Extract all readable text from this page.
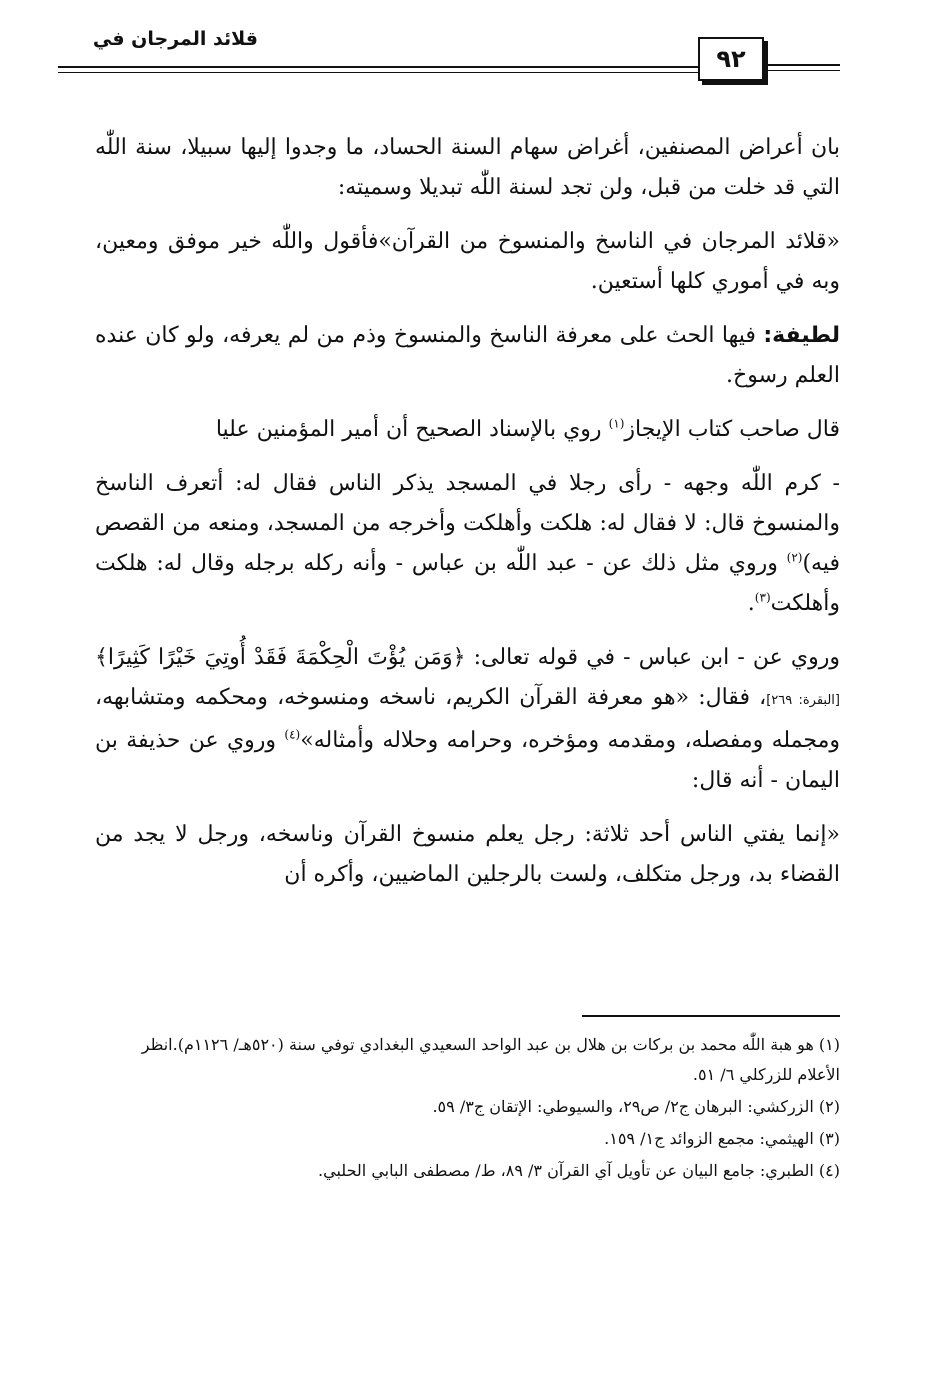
قلائد المرجان في
٩٢

بان أعراض المصنفين، أغراض سهام السنة الحساد، ما وجدوا إليها سبيلا، سنة اللّٰه التي قد خلت من قبل، ولن تجد لسنة اللّٰه تبديلا وسميته:

«قلائد المرجان في الناسخ والمنسوخ من القرآن»فأقول واللّٰه خير موفق ومعين، وبه في أموري كلها أستعين.

لطيفة: فيها الحث على معرفة الناسخ والمنسوخ وذم من لم يعرفه، ولو كان عنده العلم رسوخ.

قال صاحب كتاب الإيجاز$^{(١)}$ روي بالإسناد الصحيح أن أمير المؤمنين عليا

- كرم اللّٰه وجهه - رأى رجلا في المسجد يذكر الناس فقال له: أتعرف الناسخ والمنسوخ قال: لا فقال له: هلكت وأهلكت وأخرجه من المسجد، ومنعه من القصص فيه)$^{(٢)}$ وروي مثل ذلك عن - عبد اللّٰه بن عباس - وأنه ركله برجله وقال له: هلكت وأهلكت$^{(٣)}$.

وروي عن - ابن عباس - في قوله تعالى: ﴿وَمَن يُؤْتَ الْحِكْمَةَ فَقَدْ أُوتِيَ خَيْرًا كَثِيرًا﴾ [البقرة: ٢٦٩]، فقال: «هو معرفة القرآن الكريم، ناسخه ومنسوخه، ومحكمه ومتشابهه، ومجمله ومفصله، ومقدمه ومؤخره، وحرامه وحلاله وأمثاله»$^{(٤)}$ وروي عن حذيفة بن اليمان - أنه قال:

«إنما يفتي الناس أحد ثلاثة: رجل يعلم منسوخ القرآن وناسخه، ورجل لا يجد من القضاء بد، ورجل متكلف، ولست بالرجلين الماضيين، وأكره أن

(١) هو هبة اللّٰه محمد بن بركات بن هلال بن عبد الواحد السعيدي البغدادي توفي سنة (٥٢٠هـ/ ١١٢٦م).انظر الأعلام للزركلي ٦/ ٥١.

(٢) الزركشي: البرهان ج٢/ ص٢٩، والسيوطي: الإتقان ج٣/ ٥٩.

(٣) الهيثمي: مجمع الزوائد ج١/ ١٥٩.

(٤) الطبري: جامع البيان عن تأويل آي القرآن ٣/ ٨٩، ط/ مصطفى البابي الحلبي.
